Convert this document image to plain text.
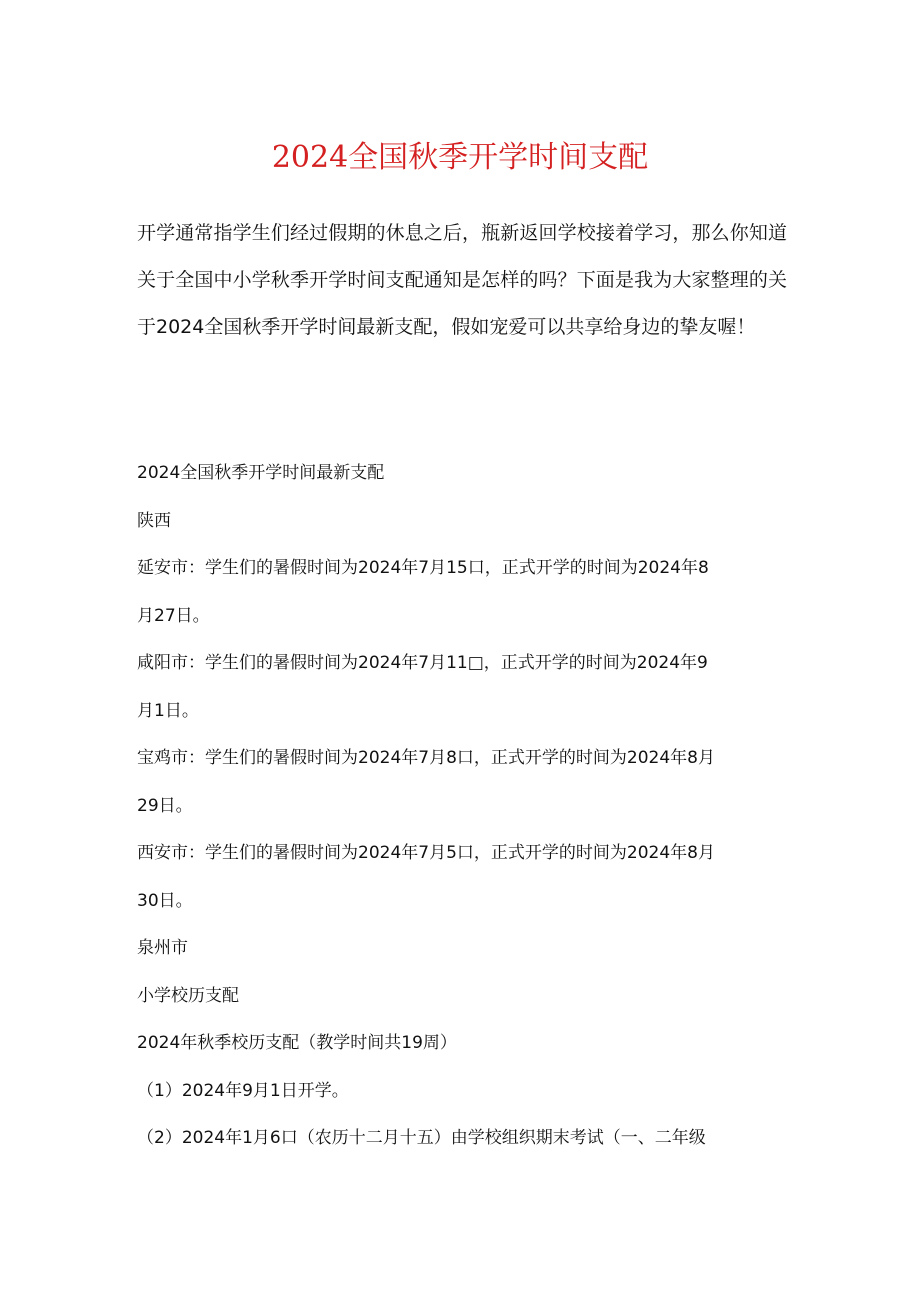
2024全国秋季开学时间支配
开学通常指学生们经过假期的休息之后，瓶新返回学校接着学习，那么你知道关于全国中小学秋季开学时间支配通知是怎样的吗？下面是我为大家整理的关于2024全国秋季开学时间最新支配，假如宠爱可以共享给身边的挚友喔！

2024全国秋季开学时间最新支配

陕西

延安市：学生们的暑假时间为2024年7月15口，正式开学的时间为2024年8

月27日。

咸阳市：学生们的暑假时间为2024年7月11□，正式开学的时间为2024年9

月1日。

宝鸡市：学生们的暑假时间为2024年7月8口，正式开学的时间为2024年8月

29日。

西安市：学生们的暑假时间为2024年7月5口，正式开学的时间为2024年8月

30日。

泉州市

小学校历支配

2024年秋季校历支配（教学时间共19周）

（1）2024年9月1日开学。

（2）2024年1月6口（农历十二月十五）由学校组织期末考试（一、二年级
